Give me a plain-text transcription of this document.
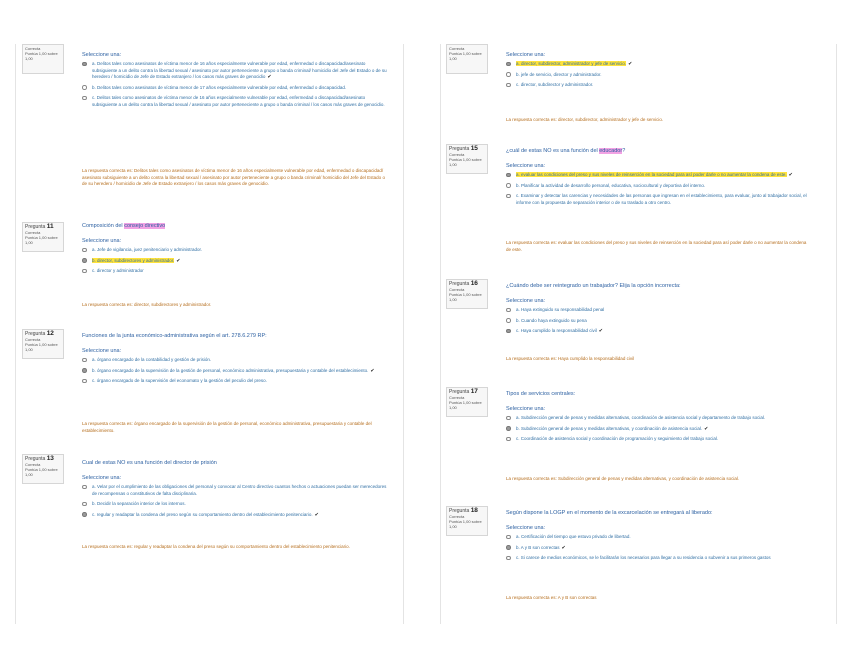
Correcta
Puntúa 1,00 sobre 1,00
Seleccione una:
a. Delitos tales como asesinatos de víctima menor de 16 años especialmente vulnerable por edad, enfermedad o discapacidad/asesinato subsiguiente a un delito contra la libertad sexual / asesinato por autor perteneciente a grupo o banda criminal/ homicidio del Jefe del Estado o de su heredero / homicidio de Jefe de Estado extranjero / los casos más graves de genocidio ✔
b. Delitos tales como asesinatos de víctima menor de 17 años especialmente vulnerable por edad, enfermedad o discapacidad.
c. Delitos tales como asesinatos de víctima menor de 16 años especialmente vulnerable por edad, enfermedad o discapacidad/asesinato subsiguiente a un delito contra la libertad sexual / asesinato por autor perteneciente a grupo o banda criminal / los casos más graves de genocidio.
La respuesta correcta es: Delitos tales como asesinatos de víctima menor de 16 años especialmente vulnerable por edad, enfermedad o discapacidad/ asesinato subsiguiente a un delito contra la libertad sexual / asesinato por autor perteneciente a grupo o banda criminal/ homicidio del Jefe del Estado o de su heredero / homicidio de Jefe de Estado extranjero / los casos más graves de genocidio.
Pregunta 11
Correcta
Puntúa 1,00 sobre 1,00
Composición del consejo directivo
Seleccione una:
a. Jefe de vigilancia, juez penitenciario y administrador.
b. director, subdirectores y administrador. ✔
c. director y administrador
La respuesta correcta es: director, subdirectores y administrador.
Pregunta 12
Correcta
Puntúa 1,00 sobre 1,00
Funciones de la junta económico-administrativa según el art. 278.6.279 RP:
Seleccione una:
a. órgano encargado de la contabilidad y gestión de prisión.
b. órgano encargado de la supervisión de la gestión de personal, económico administrativa, presupuestaria y contable del establecimiento. ✔
c. órgano encargado de la supervisión del economato y la gestión del peculio del preso.
La respuesta correcta es: órgano encargado de la supervisión de la gestión de personal, económico administrativa, presupuestaria y contable del establecimiento.
Pregunta 13
Correcta
Puntúa 1,00 sobre 1,00
Cual de estas NO es una función del director de prisión
Seleccione una:
a. Velar por el cumplimiento de las obligaciones del personal y convocar al Centro directivo cuantos hechos o actuaciones puedan ser merecedores de recompensas o constitutivos de falta disciplinaria.
b. Decidir la separación interior de los internos.
c. regular y readaptar la condena del preso según su comportamiento dentro del establecimiento penitenciario. ✔
La respuesta correcta es: regular y readaptar la condena del preso según su comportamiento dentro del establecimiento penitenciario.
Correcta
Puntúa 1,00 sobre 1,00
Seleccione una:
a. director, subdirector, administrador y jefe de servicio. ✔
b. jefe de servicio, director y administrador.
c. director, subdirector y administrador.
La respuesta correcta es: director, subdirector, administrador y jefe de servicio.
Pregunta 15
Correcta
Puntúa 1,00 sobre 1,00
¿cuál de estas NO es una función del educador?
Seleccione una:
a. evaluar las condiciones del preso y sus niveles de reinserción en la sociedad para así poder darle o no aumentar la condena de este. ✔
b. Planificar la actividad de desarrollo personal, educativa, sociocultural y deportiva del interno.
c. Examinar y detectar las carencias y necesidades de las personas que ingresan en el establecimiento, para evaluar, junto al trabajador social, el informe con la propuesta de separación interior o de su traslado a otro centro.
La respuesta correcta es: evaluar las condiciones del preso y sus niveles de reinserción en la sociedad para así poder darle o no aumentar la condena de este.
Pregunta 16
Correcta
Puntúa 1,00 sobre 1,00
¿Cuándo debe ser reintegrado un trabajador? Elija la opción incorrecta:
Seleccione una:
a. Haya extinguido su responsabilidad penal
b. Cuando haya extinguido su pena
c. Haya cumplido la responsabilidad civil ✔
La respuesta correcta es: Haya cumplido la responsabilidad civil
Pregunta 17
Correcta
Puntúa 1,00 sobre 1,00
Tipos de servicios centrales:
Seleccione una:
a. Subdirección general de penas y medidas alternativas, coordinación de asistencia social y departamento de trabajo social.
b. Subdirección general de penas y medidas alternativas, y coordinación de asistencia social. ✔
c. Coordinación de asistencia social y coordinación de programación y seguimiento del trabajo social.
La respuesta correcta es: Subdirección general de penas y medidas alternativas, y coordinación de asistencia social.
Pregunta 18
Correcta
Puntúa 1,00 sobre 1,00
Según dispone la LOGP en el momento de la excarcelación se entregará al liberado:
Seleccione una:
a. Certificación del tiempo que estuvo privado de libertad.
b. A y B son correctas ✔
c. Si carece de medios económicos, se le facilitarán los necesarios para llegar a su residencia o subvenir a sus primeros gastos
La respuesta correcta es: A y B son correctas
